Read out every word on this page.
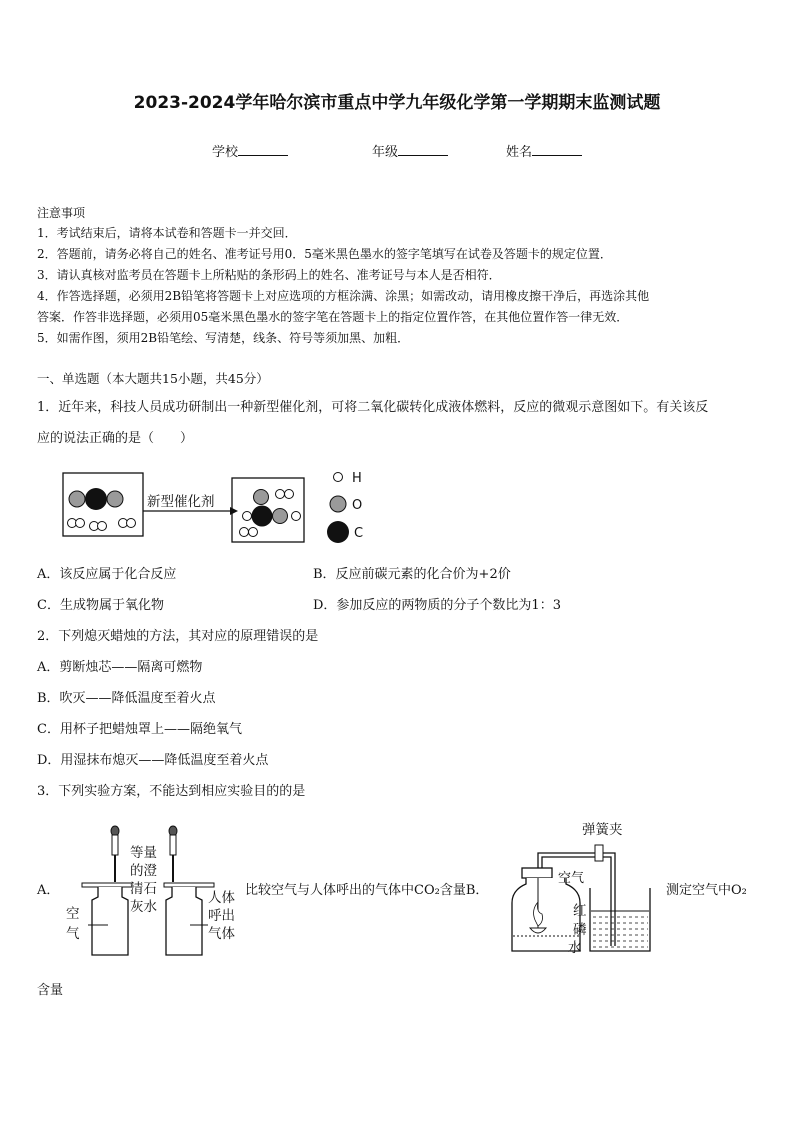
2023-2024学年哈尔滨市重点中学九年级化学第一学期期末监测试题
学校	年级	姓名
注意事项
1．考试结束后，请将本试卷和答题卡一并交回．
2．答题前，请务必将自己的姓名、准考证号用0．5毫米黑色墨水的签字笔填写在试卷及答题卡的规定位置．
3．请认真核对监考员在答题卡上所粘贴的条形码上的姓名、准考证号与本人是否相符．
4．作答选择题，必须用2B铅笔将答题卡上对应选项的方框涂满、涂黑；如需改动，请用橡皮擦干净后，再选涂其他
答案．作答非选择题，必须用05毫米黑色墨水的签字笔在答题卡上的指定位置作答，在其他位置作答一律无效．
5．如需作图，须用2B铅笔绘、写清楚，线条、符号等须加黑、加粗．
一、单选题（本大题共15小题，共45分）
1．近年来，科技人员成功研制出一种新型催化剂，可将二氧化碳转化成液体燃料，反应的微观示意图如下。有关该反
应的说法正确的是（　　）
新型催化剂
H
O
C
A．该反应属于化合反应	B．反应前碳元素的化合价为+2价
C．生成物属于氧化物	D．参加反应的两物质的分子个数比为1：3
2．下列熄灭蜡烛的方法，其对应的原理错误的是
A．剪断烛芯——隔离可燃物
B．吹灭——降低温度至着火点
C．用杯子把蜡烛罩上——隔绝氧气
D．用湿抹布熄灭——降低温度至着火点
3．下列实验方案，不能达到相应实验目的的是
A．
等量
的澄
清石
灰水
空
气
人体
呼出
气体
比较空气与人体呼出的气体中CO₂含量B．
弹簧夹
空气
红
磷
水
测定空气中O₂
含量
